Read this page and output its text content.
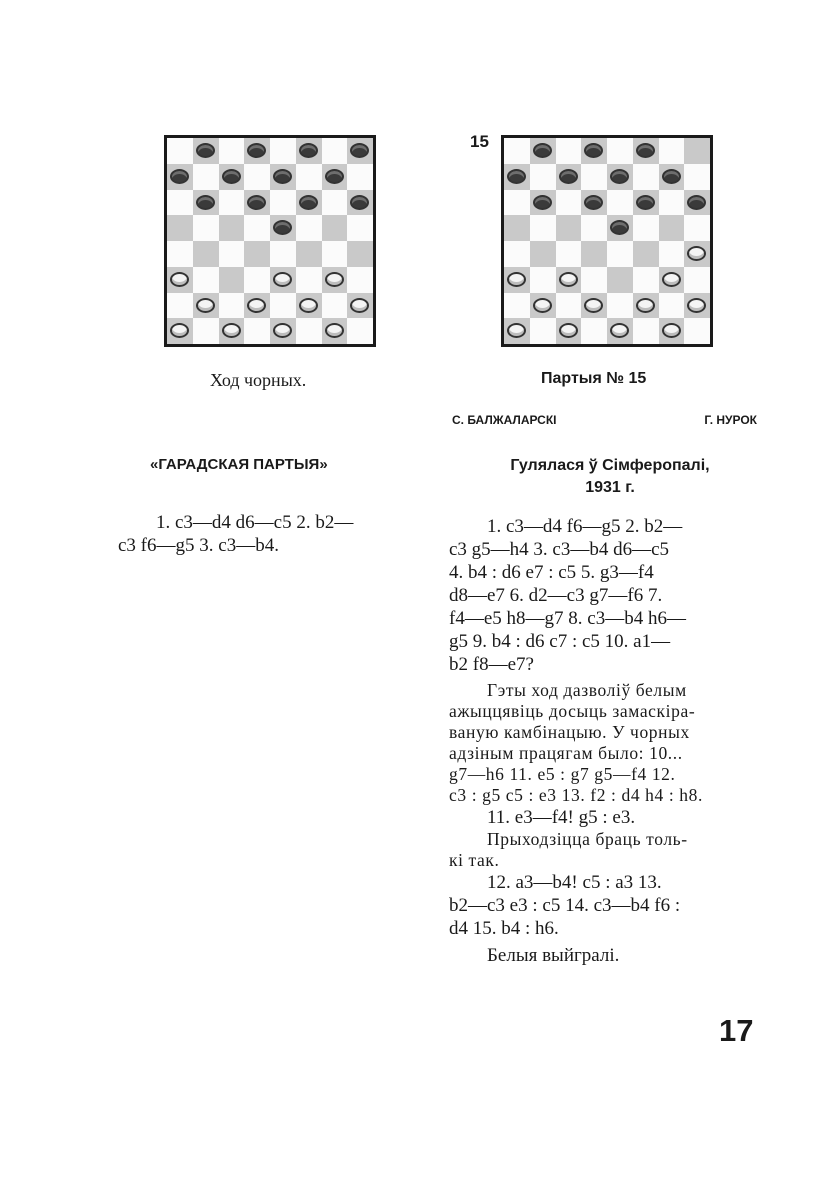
15
Ход чорных.	Партыя № 15
С. БАЛЖАЛАРСКІ	Г. НУРОК
«ГАРАДСКАЯ ПАРТЫЯ»	Гулялася ў Сімферопалі,
1931 г.

1. c3—d4 d6—c5 2. b2—

c3 f6—g5 3. c3—b4.

1. c3—d4 f6—g5 2. b2—

c3 g5—h4 3. c3—b4 d6—c5

4. b4 : d6 e7 : c5 5. g3—f4

d8—e7 6. d2—c3 g7—f6 7.

f4—e5 h8—g7 8. c3—b4 h6—

g5 9. b4 : d6 c7 : c5 10. a1—

b2 f8—e7?

Гэты ход дазволіў белым

ажыццявіць досыць замаскіра-

ваную камбінацыю. У чорных

адзіным працягам было: 10...

g7—h6 11. e5 : g7 g5—f4 12.

c3 : g5 c5 : e3 13. f2 : d4 h4 : h8.

11. e3—f4! g5 : e3.

Прыходзіцца браць толь-

кі так.

12. a3—b4! c5 : a3 13.

b2—c3 e3 : c5 14. c3—b4 f6 :

d4 15. b4 : h6.

Белыя выйгралі.

17
